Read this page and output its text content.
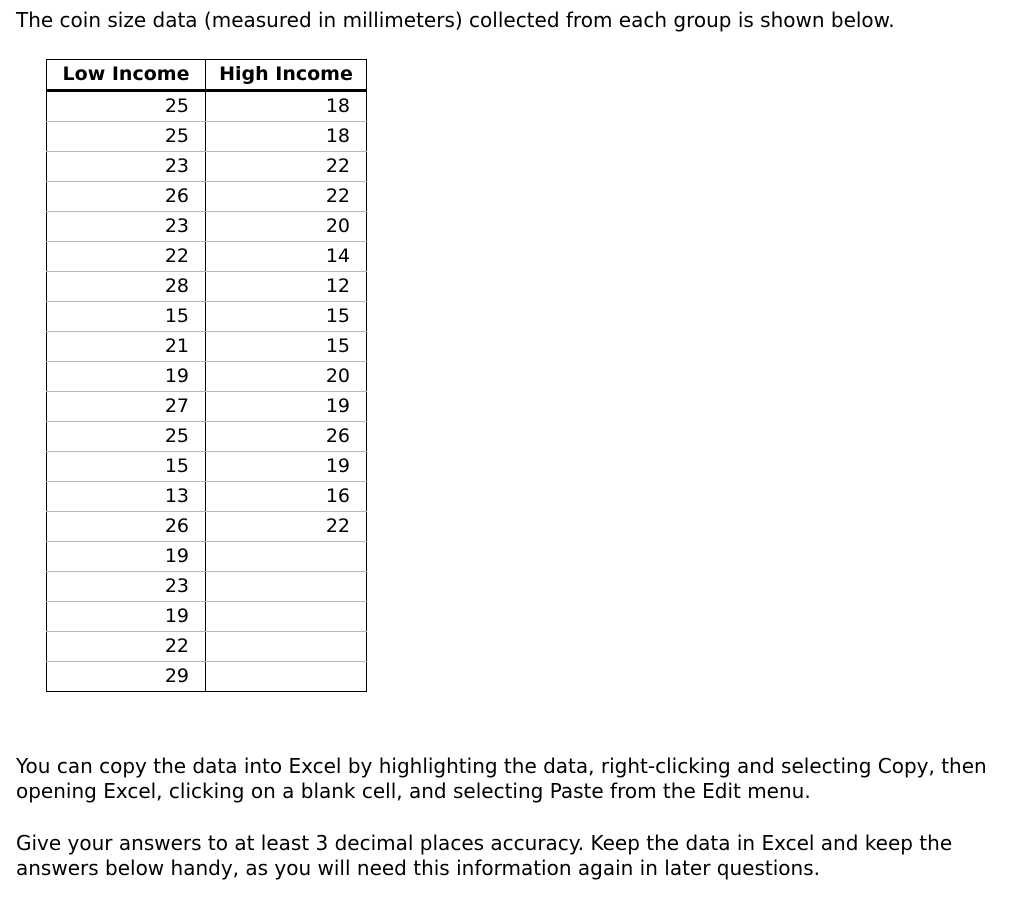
The coin size data (measured in millimeters) collected from each group is shown below.

Low Income	High Income
25	18
25	18
23	22
26	22
23	20
22	14
28	12
15	15
21	15
19	20
27	19
25	26
15	19
13	16
26	22
19	
23	
19	
22	
29	

You can copy the data into Excel by highlighting the data, right-clicking and selecting Copy, then opening Excel, clicking on a blank cell, and selecting Paste from the Edit menu.

Give your answers to at least 3 decimal places accuracy. Keep the data in Excel and keep the answers below handy, as you will need this information again in later questions.
